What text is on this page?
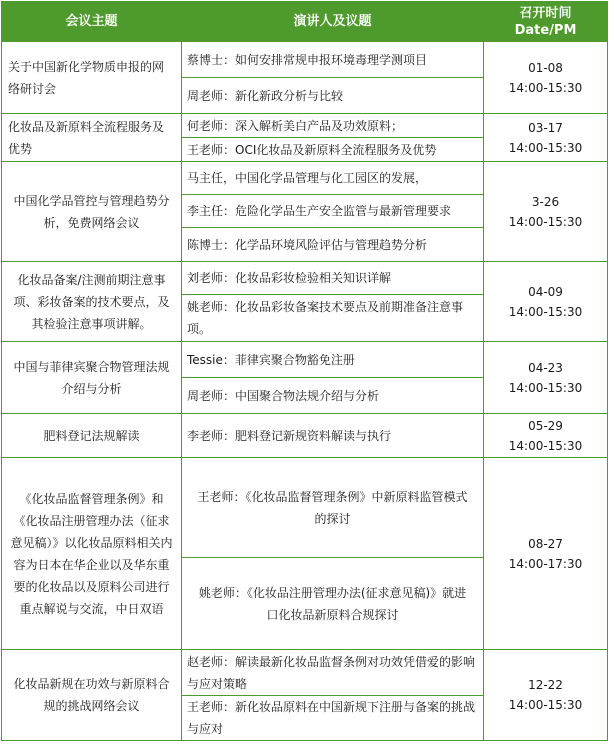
会议主题	演讲人及议题	召开时间
Date/PM
关于中国新化学物质申报的网络研讨会	蔡博士：如何安排常规申报环境毒理学测项目	01-08
14:00-15:30

	周老师：新化新政分析与比较	
化妆品及新原料全流程服务及优势	何老师：深入解析美白产品及功效原料；	03-17
14:00-15:30

	王老师：OCI化妆品及新原料全流程服务及优势	
中国化学品管控与管理趋势分析，免费网络会议	马主任，中国化学品管理与化工园区的发展，	3-26
14:00-15:30

	李主任：危险化学品生产安全监管与最新管理要求	
	陈博士：化学品环境风险评估与管理趋势分析	
化妆品备案/注测前期注意事项、彩妆备案的技术要点，及其检验注意事项讲解。	刘老师：化妆品彩妆检验相关知识详解	04-09
14:00-15:30

	姚老师：化妆品彩妆备案技术要点及前期准备注意事项。	
中国与菲律宾聚合物管理法规介绍与分析	Tessie：菲律宾聚合物豁免注册	04-23
14:00-15:30

	周老师：中国聚合物法规介绍与分析	
肥料登记法规解读	李老师：肥料登记新规资料解读与执行	05-29
14:00-15:30

《化妆品监督管理条例》和《化妆品注册管理办法（征求意见稿）》以化妆品原料相关内容为日本在华企业以及华东重要的化妆品以及原料公司进行重点解说与交流，中日双语	王老师：《化妆品监督管理条例》中新原料监管模式的探讨	08-27
14:00-17:30

	姚老师：《化妆品注册管理办法(征求意见稿)》就进口化妆品新原料合规探讨	
化妆品新规在功效与新原料合规的挑战网络会议	赵老师：解读最新化妆品监督条例对功效凭借爱的影响与应对策略	12-22
14:00-15:30

	王老师：新化妆品原料在中国新规下注册与备案的挑战与应对	
